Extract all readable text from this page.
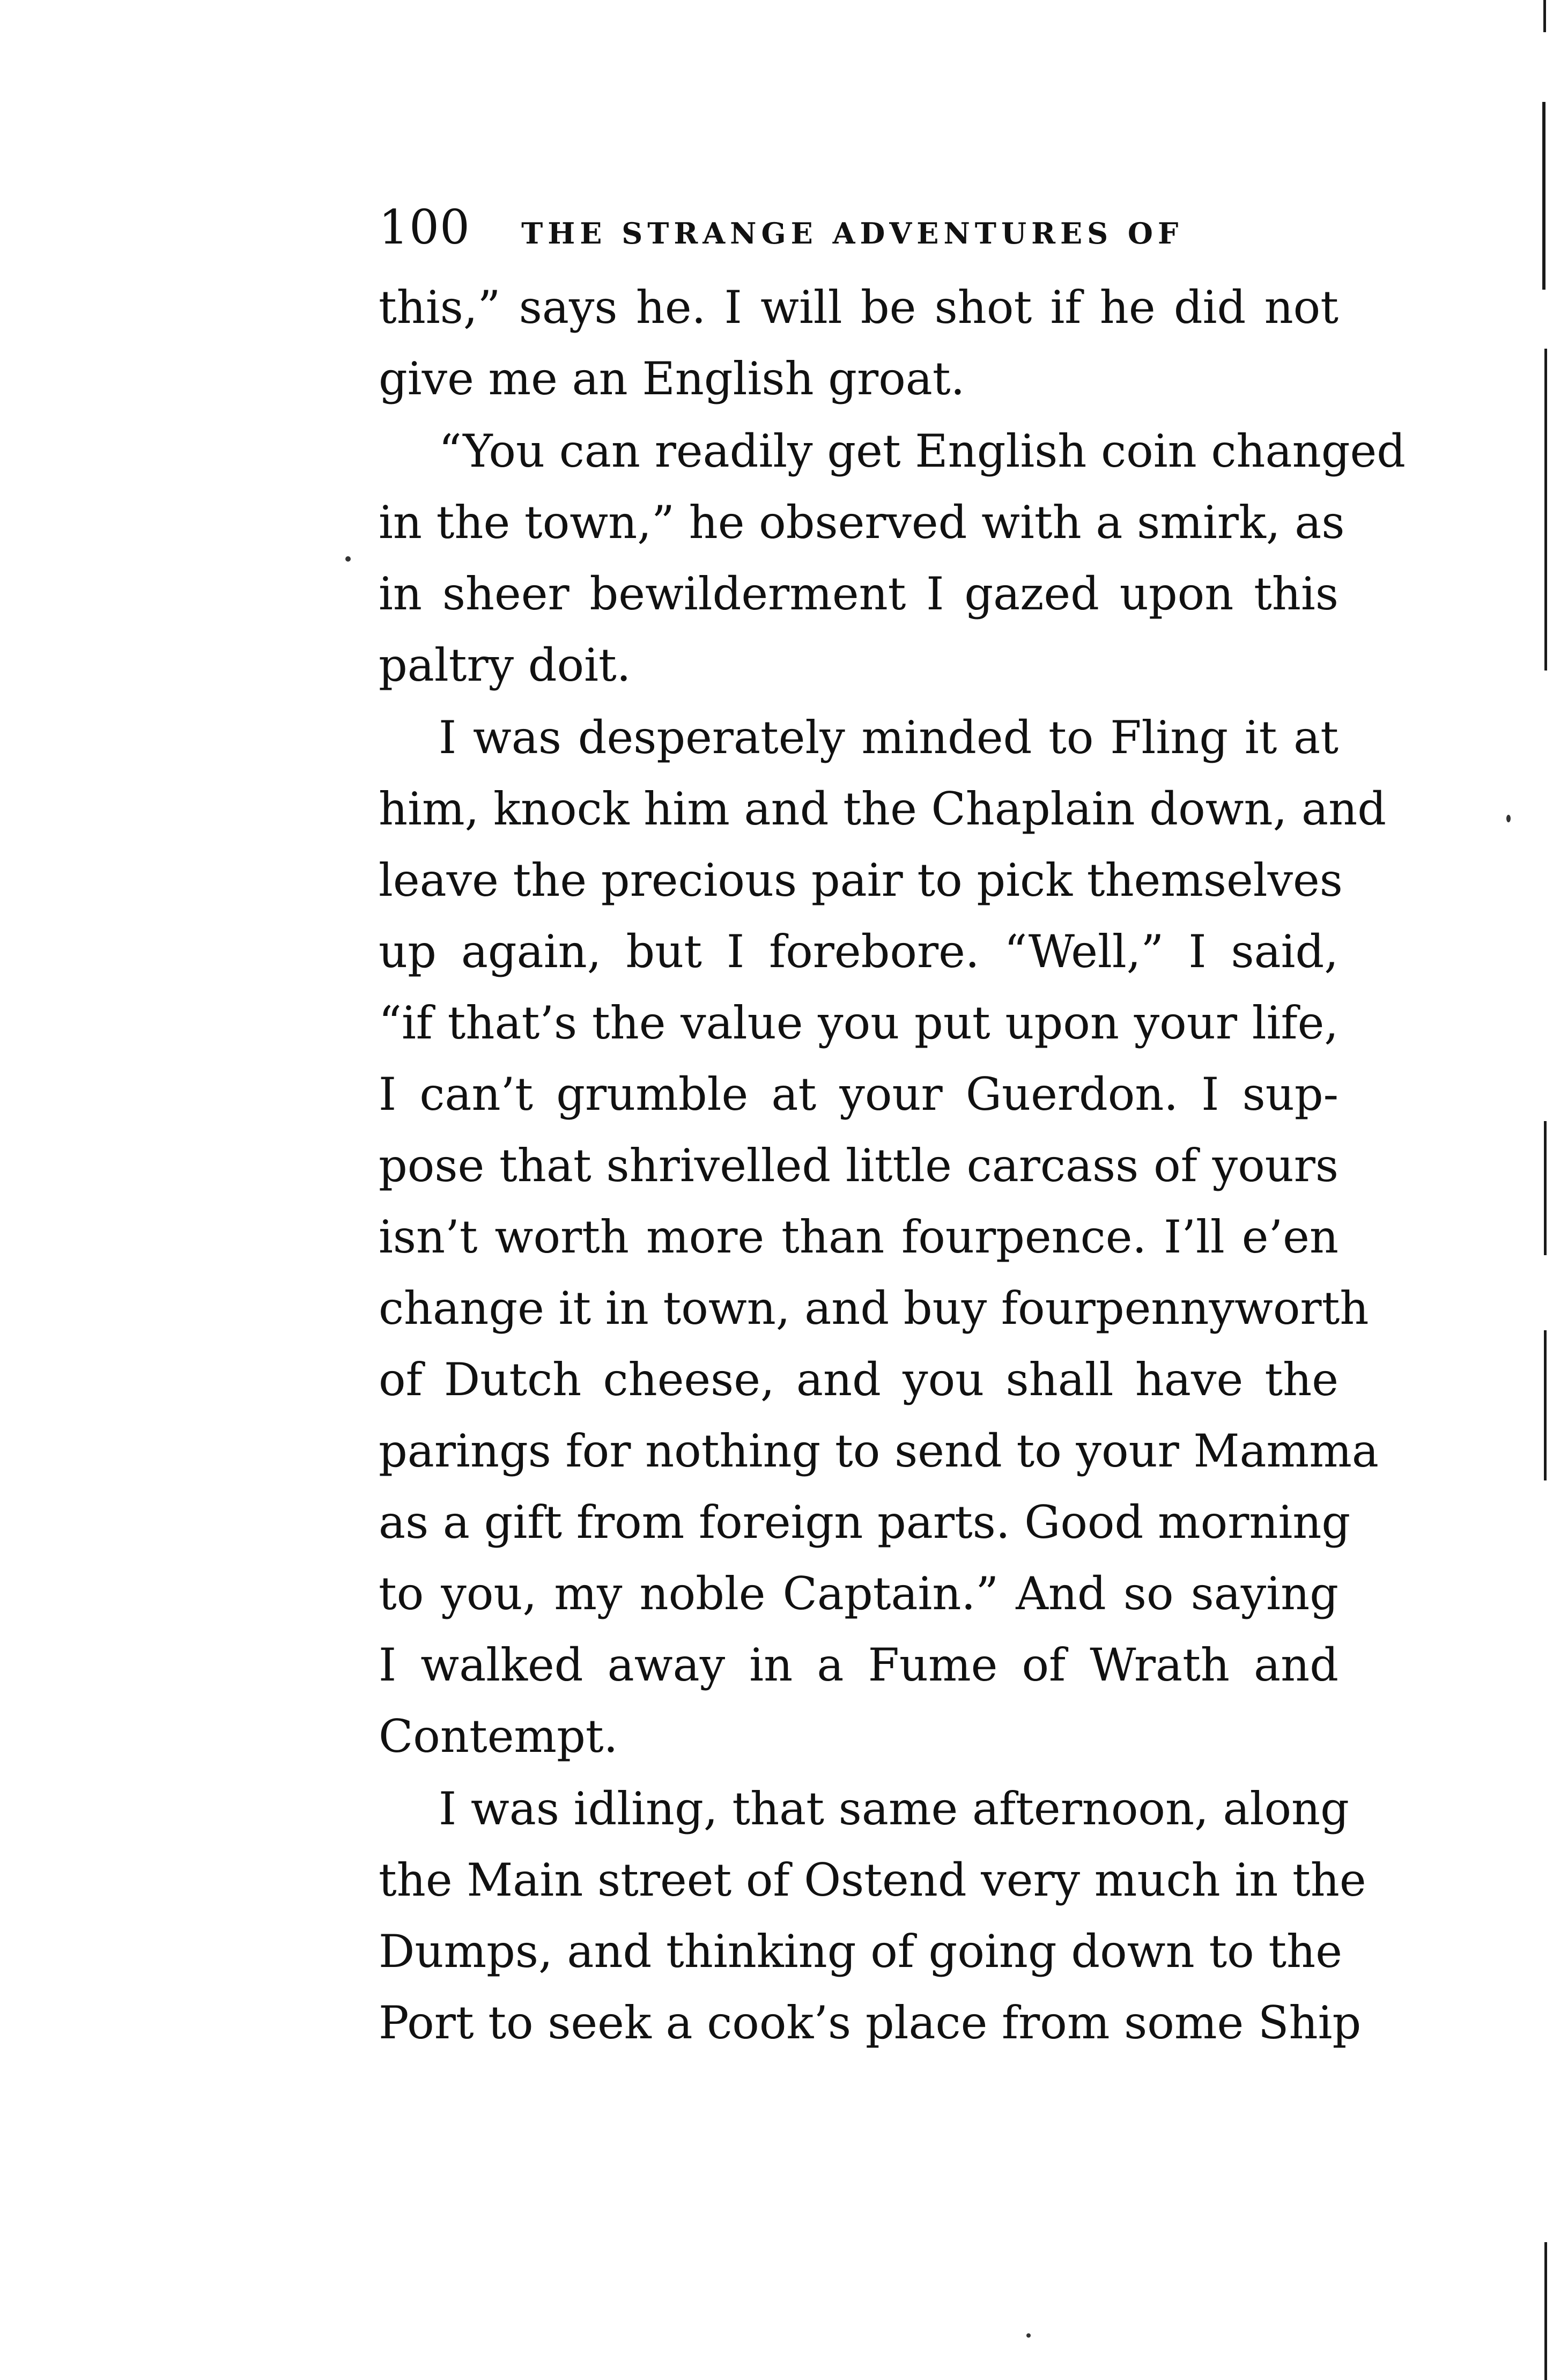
100 THE STRANGE ADVENTURES OF
this,” says he. I will be shot if he did not
give me an English groat.
“You can readily get English coin changed
in the town,” he observed with a smirk, as
in sheer bewilderment I gazed upon this
paltry doit.
I was desperately minded to Fling it at
him, knock him and the Chaplain down, and
leave the precious pair to pick themselves
up again, but I forebore. “Well,” I said,
“if that’s the value you put upon your life,
I can’t grumble at your Guerdon. I sup-
pose that shrivelled little carcass of yours
isn’t worth more than fourpence. I’ll e’en
change it in town, and buy fourpennyworth
of Dutch cheese, and you shall have the
parings for nothing to send to your Mamma
as a gift from foreign parts. Good morning
to you, my noble Captain.” And so saying
I walked away in a Fume of Wrath and
Contempt.
I was idling, that same afternoon, along
the Main street of Ostend very much in the
Dumps, and thinking of going down to the
Port to seek a cook’s place from some Ship
